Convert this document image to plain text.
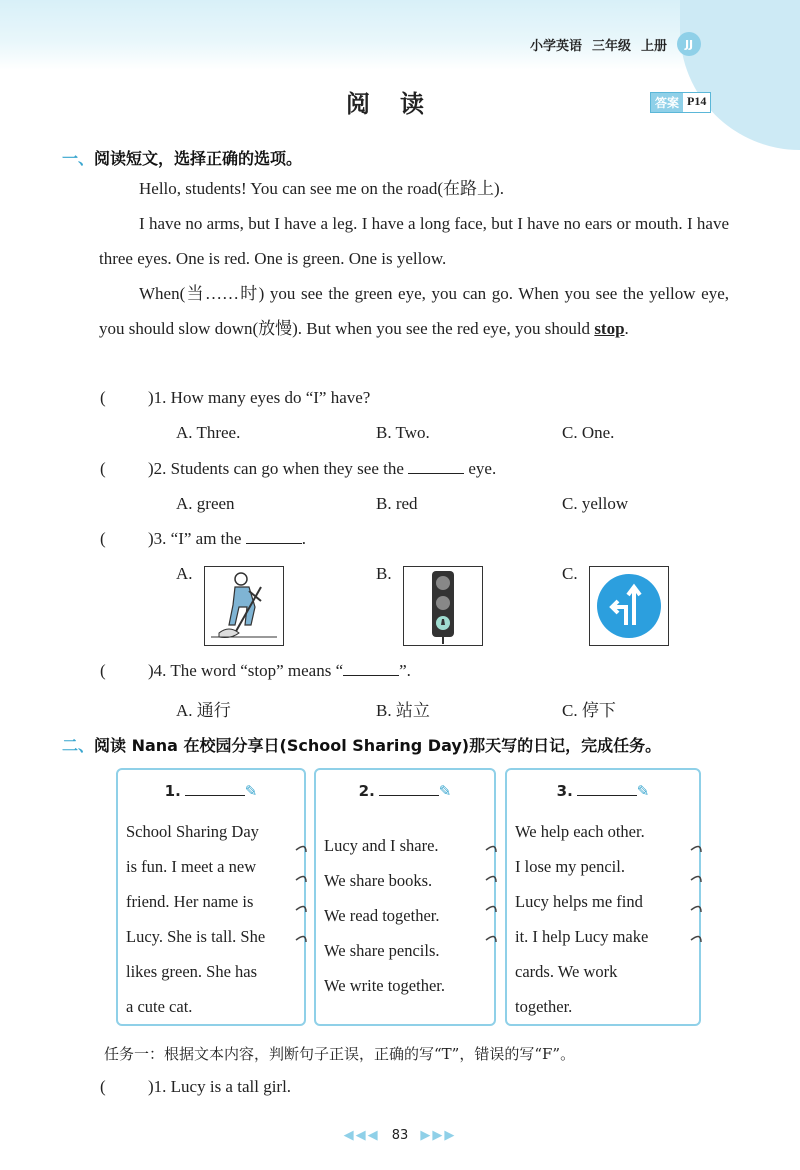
小学英语 三年级 上册	JJ
阅读	答案 P14
一、阅读短文，选择正确的选项。
Hello, students! You can see me on the road(在路上).
I have no arms, but I have a leg. I have a long face, but I have no ears or mouth. I have three eyes. One is red. One is green. One is yellow.
When(当……时) you see the green eye, you can go. When you see the yellow eye, you should slow down(放慢). But when you see the red eye, you should stop.
( )1. How many eyes do “I” have?
A. Three.	B. Two.	C. One.
( )2. Students can go when they see the	eye.
A. green	B. red	C. yellow
( )3. “I” am the	.
A.	B.	C.
( )4. The word “stop” means “	”.
A. 通行	B. 站立	C. 停下
二、阅读 Nana 在校园分享日(School Sharing Day)那天写的日记，完成任务。
1.	✎
School Sharing Day
is fun. I meet a new
friend. Her name is
Lucy. She is tall. She
likes green. She has
a cute cat.
2.	✎
Lucy and I share.
We share books.
We read together.
We share pencils.
We write together.
3.	✎
We help each other.
I lose my pencil.
Lucy helps me find
it. I help Lucy make
cards. We work
together.
任务一：根据文本内容，判断句子正误，正确的写“T”，错误的写“F”。
( )1. Lucy is a tall girl.
◀◀◀ 83 ▶▶▶
